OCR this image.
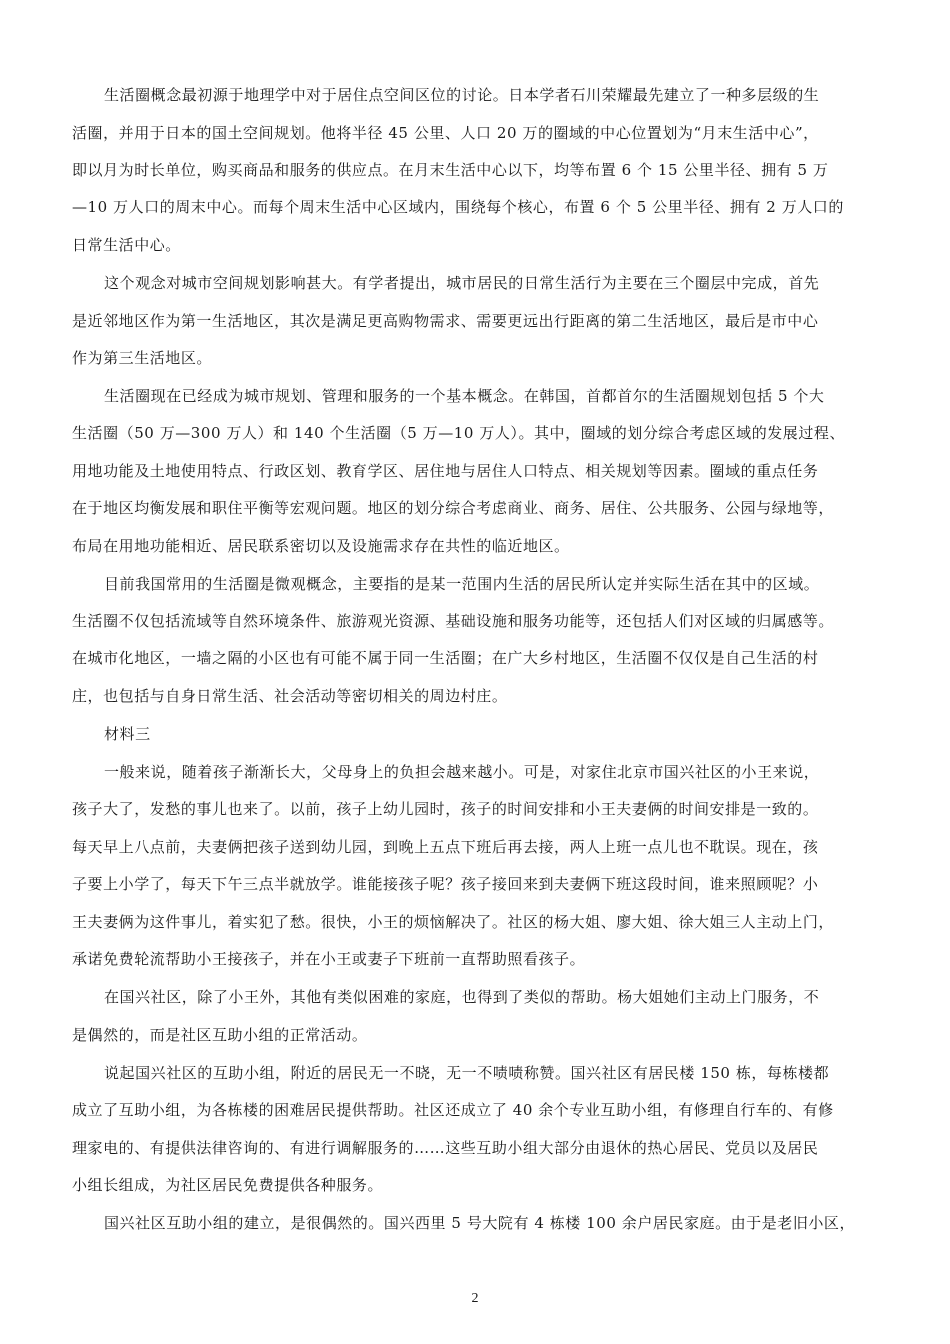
生活圈概念最初源于地理学中对于居住点空间区位的讨论。日本学者石川荣耀最先建立了一种多层级的生
活圈，并用于日本的国土空间规划。他将半径 45 公里、人口 20 万的圈域的中心位置划为“月末生活中心”，
即以月为时长单位，购买商品和服务的供应点。在月末生活中心以下，均等布置 6 个 15 公里半径、拥有 5 万
—10 万人口的周末中心。而每个周末生活中心区域内，围绕每个核心，布置 6 个 5 公里半径、拥有 2 万人口的
日常生活中心。
这个观念对城市空间规划影响甚大。有学者提出，城市居民的日常生活行为主要在三个圈层中完成，首先
是近邻地区作为第一生活地区，其次是满足更高购物需求、需要更远出行距离的第二生活地区，最后是市中心
作为第三生活地区。
生活圈现在已经成为城市规划、管理和服务的一个基本概念。在韩国，首都首尔的生活圈规划包括 5 个大
生活圈（50 万—300 万人）和 140 个生活圈（5 万—10 万人）。其中，圈域的划分综合考虑区域的发展过程、
用地功能及土地使用特点、行政区划、教育学区、居住地与居住人口特点、相关规划等因素。圈域的重点任务
在于地区均衡发展和职住平衡等宏观问题。地区的划分综合考虑商业、商务、居住、公共服务、公园与绿地等，
布局在用地功能相近、居民联系密切以及设施需求存在共性的临近地区。
目前我国常用的生活圈是微观概念，主要指的是某一范围内生活的居民所认定并实际生活在其中的区域。
生活圈不仅包括流域等自然环境条件、旅游观光资源、基础设施和服务功能等，还包括人们对区域的归属感等。
在城市化地区，一墙之隔的小区也有可能不属于同一生活圈；在广大乡村地区，生活圈不仅仅是自己生活的村
庄，也包括与自身日常生活、社会活动等密切相关的周边村庄。
材料三
一般来说，随着孩子渐渐长大，父母身上的负担会越来越小。可是，对家住北京市国兴社区的小王来说，
孩子大了，发愁的事儿也来了。以前，孩子上幼儿园时，孩子的时间安排和小王夫妻俩的时间安排是一致的。
每天早上八点前，夫妻俩把孩子送到幼儿园，到晚上五点下班后再去接，两人上班一点儿也不耽误。现在，孩
子要上小学了，每天下午三点半就放学。谁能接孩子呢？孩子接回来到夫妻俩下班这段时间，谁来照顾呢？小
王夫妻俩为这件事儿，着实犯了愁。很快，小王的烦恼解决了。社区的杨大姐、廖大姐、徐大姐三人主动上门，
承诺免费轮流帮助小王接孩子，并在小王或妻子下班前一直帮助照看孩子。
在国兴社区，除了小王外，其他有类似困难的家庭，也得到了类似的帮助。杨大姐她们主动上门服务，不
是偶然的，而是社区互助小组的正常活动。
说起国兴社区的互助小组，附近的居民无一不晓，无一不啧啧称赞。国兴社区有居民楼 150 栋，每栋楼都
成立了互助小组，为各栋楼的困难居民提供帮助。社区还成立了 40 余个专业互助小组，有修理自行车的、有修
理家电的、有提供法律咨询的、有进行调解服务的……这些互助小组大部分由退休的热心居民、党员以及居民
小组长组成，为社区居民免费提供各种服务。
国兴社区互助小组的建立，是很偶然的。国兴西里 5 号大院有 4 栋楼 100 余户居民家庭。由于是老旧小区，
2
